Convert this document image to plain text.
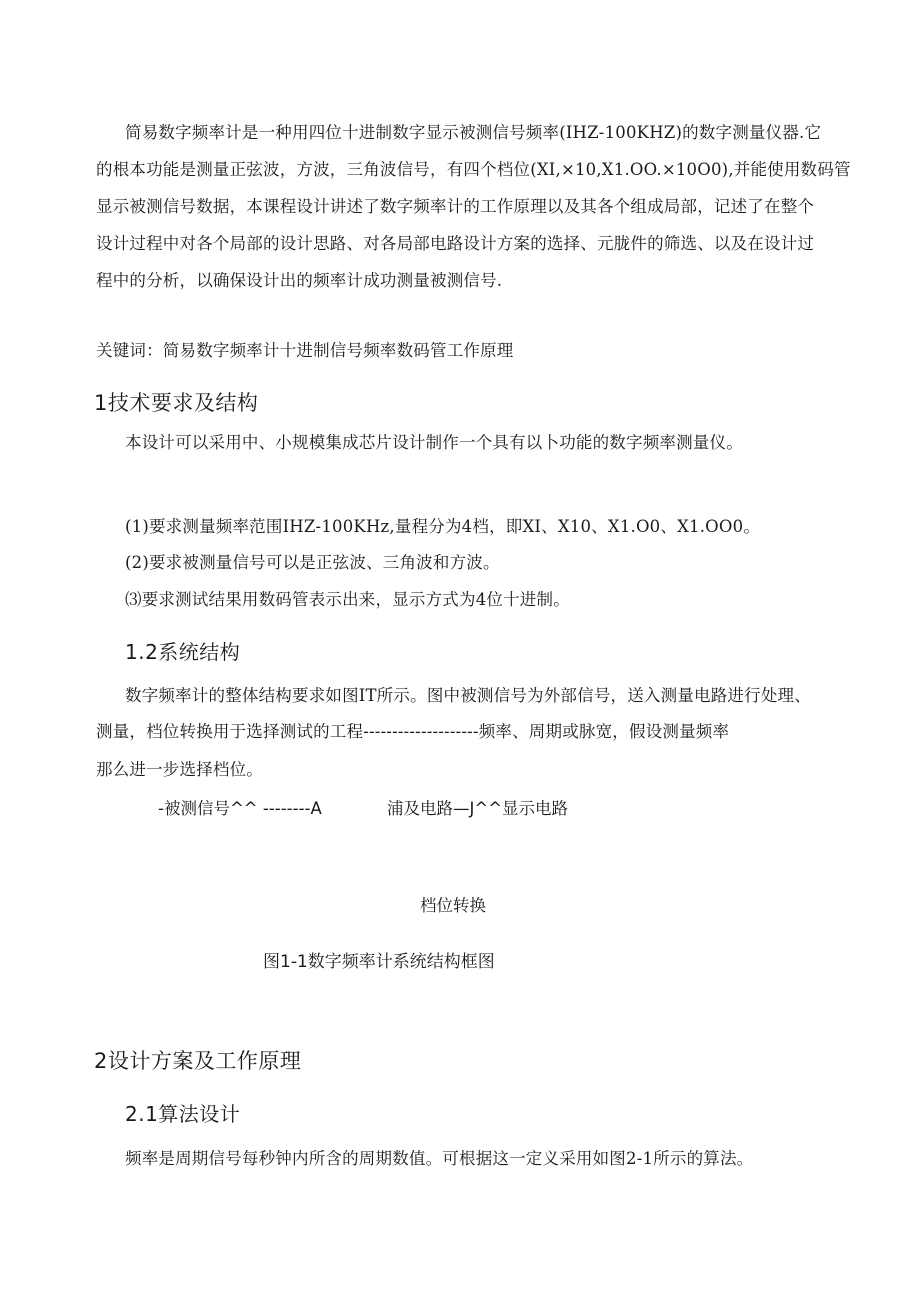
简易数字频率计是一种用四位十进制数字显示被测信号频率(IHZ-100KHZ)的数字测量仪器.它

的根本功能是测量正弦波，方波，三角波信号，有四个档位(XI,×10,X1.OO.×10O0),并能使用数码管

显示被测信号数据，本课程设计讲述了数字频率计的工作原理以及其各个组成局部，记述了在整个

设计过程中对各个局部的设计思路、对各局部电路设计方案的选择、元胧件的筛选、以及在设计过

程中的分析，以确保设计出的频率计成功测量被测信号.

关键词：简易数字频率计十进制信号频率数码管工作原理

1技术要求及结构

本设计可以采用中、小规模集成芯片设计制作一个具有以卜功能的数字频率测量仪。

(1)要求测量频率范围IHZ-100KHz,量程分为4档，即XI、X10、X1.O0、X1.OO0。

(2)要求被测量信号可以是正弦波、三角波和方波。

⑶要求测试结果用数码管表示出来，显示方式为4位十进制。

1.2系统结构

数字频率计的整体结构要求如图IT所示。图中被测信号为外部信号，送入测量电路进行处理、

测量，档位转换用于选择测试的工程--------------------频率、周期或脉宽，假设测量频率

那么进一步选择档位。

-被测信号^^ --------A	浦及电路—J^^显示电路

档位转换

图1-1数字频率计系统结构框图

2设计方案及工作原理
2.1算法设计

频率是周期信号每秒钟内所含的周期数值。可根据这一定义采用如图2-1所示的算法。
